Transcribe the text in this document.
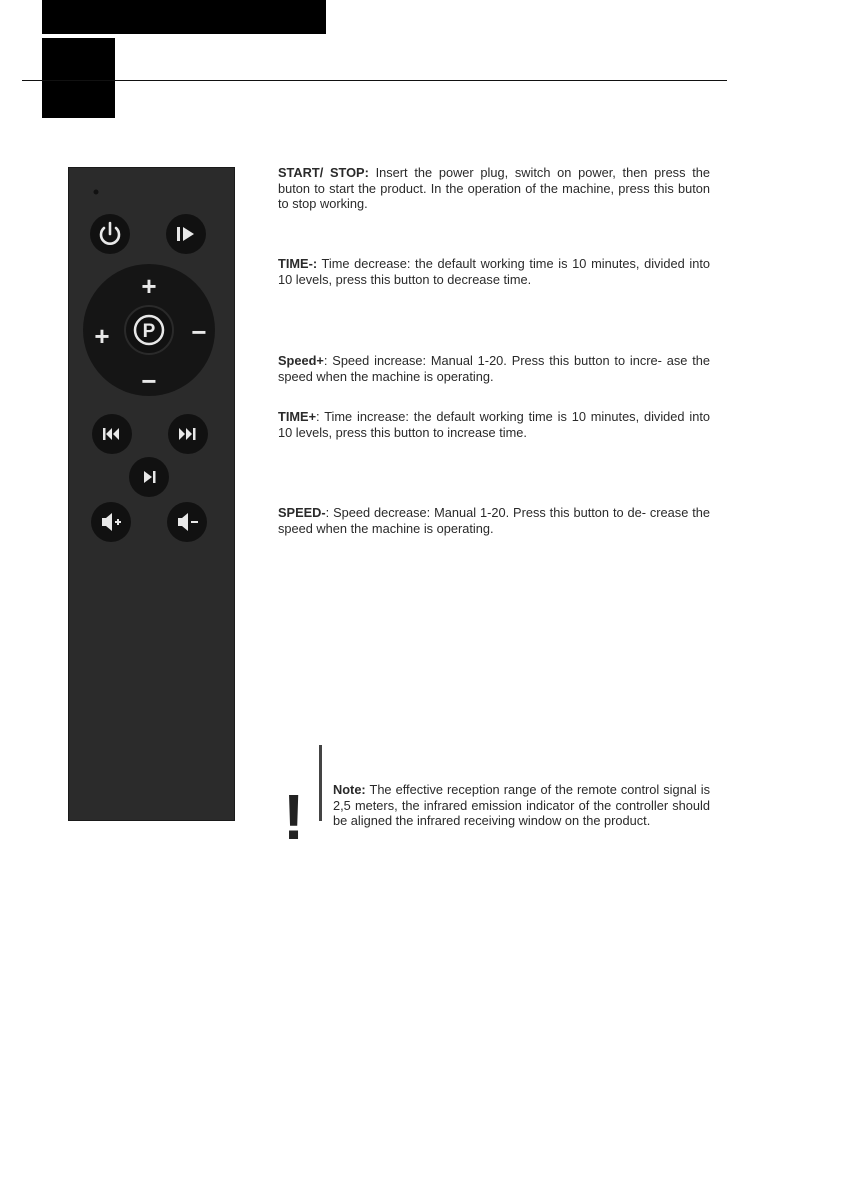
P
+
+	−
−
START/ STOP: Insert the power plug, switch on power, then press the buton to start the product. In the operation of the machine, press this buton to stop working.
TIME-: Time decrease: the default working time is 10 minutes, divided into 10 levels, press this button to decrease time.
Speed+: Speed increase: Manual 1-20. Press this button to incre- ase the speed when the machine is operating.
TIME+: Time increase: the default working time is 10 minutes, divided into 10 levels, press this button to increase time.
SPEED-: Speed decrease: Manual 1-20. Press this button to de- crease the speed when the machine is operating.
! Note: The effective reception range of the remote control signal is 2,5 meters, the infrared emission indicator of the controller should be aligned the infrared receiving window on the product.
